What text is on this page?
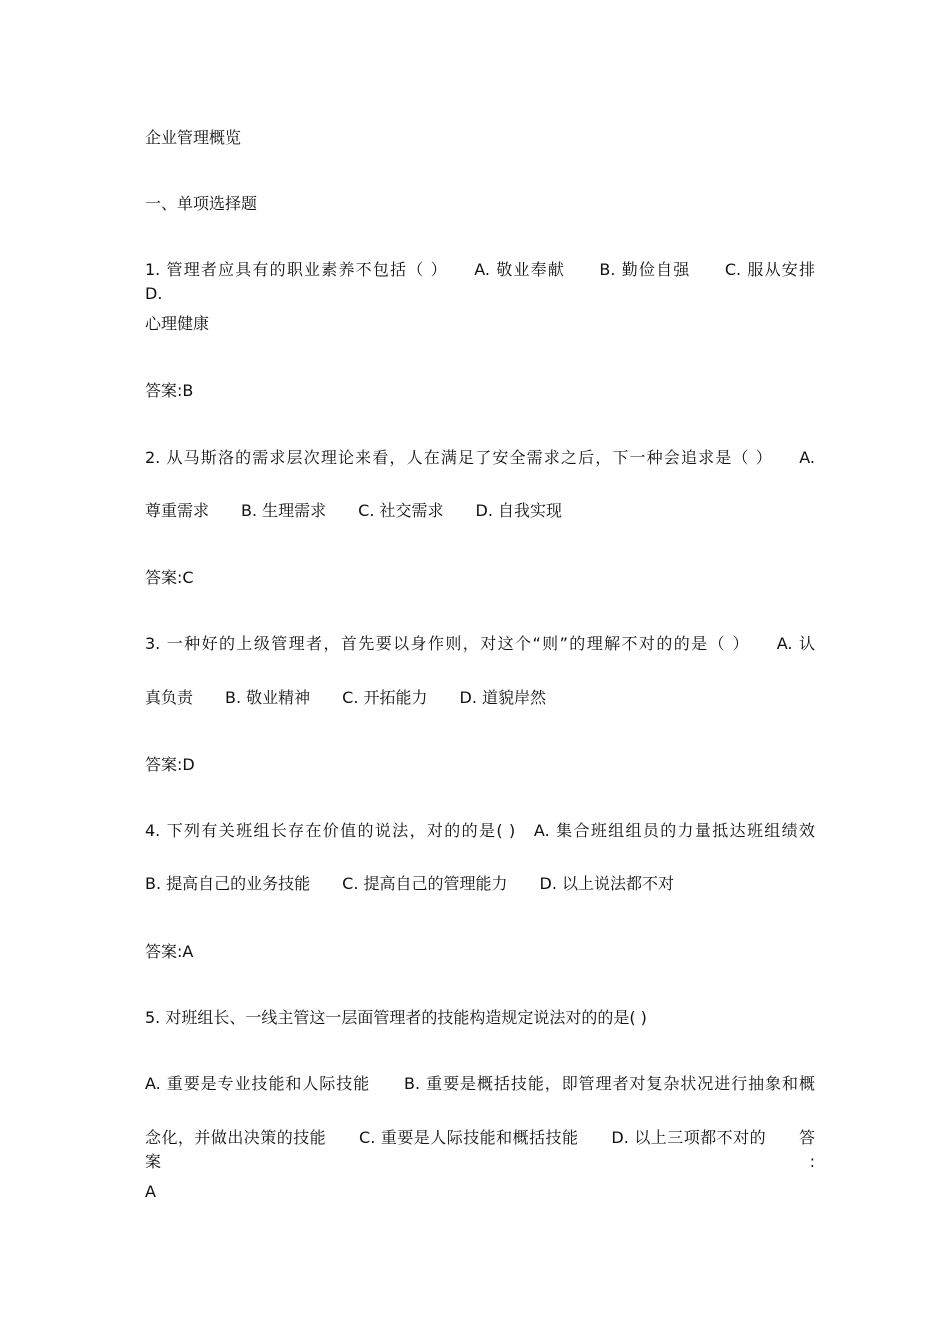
企业管理概览
一、单项选择题
1. 管理者应具有的职业素养不包括（ ）　　A. 敬业奉献　　B. 勤俭自强　　C. 服从安排　　D.
心理健康
答案:B
2. 从马斯洛的需求层次理论来看，人在满足了安全需求之后，下一种会追求是（ ）　　A.
尊重需求　　B. 生理需求　　C. 社交需求　　D. 自我实现
答案:C
3. 一种好的上级管理者，首先要以身作则，对这个“则”的理解不对的的是（ ）　　A. 认
真负责　　B. 敬业精神　　C. 开拓能力　　D. 道貌岸然
答案:D
4. 下列有关班组长存在价值的说法，对的的是( )　A. 集合班组组员的力量抵达班组绩效
B. 提高自己的业务技能　　C. 提高自己的管理能力　　D. 以上说法都不对
答案:A
5. 对班组长、一线主管这一层面管理者的技能构造规定说法对的的是( )
A. 重要是专业技能和人际技能　　B. 重要是概括技能，即管理者对复杂状况进行抽象和概
念化，并做出决策的技能　　C. 重要是人际技能和概括技能　　D. 以上三项都不对的　　答案:
A
